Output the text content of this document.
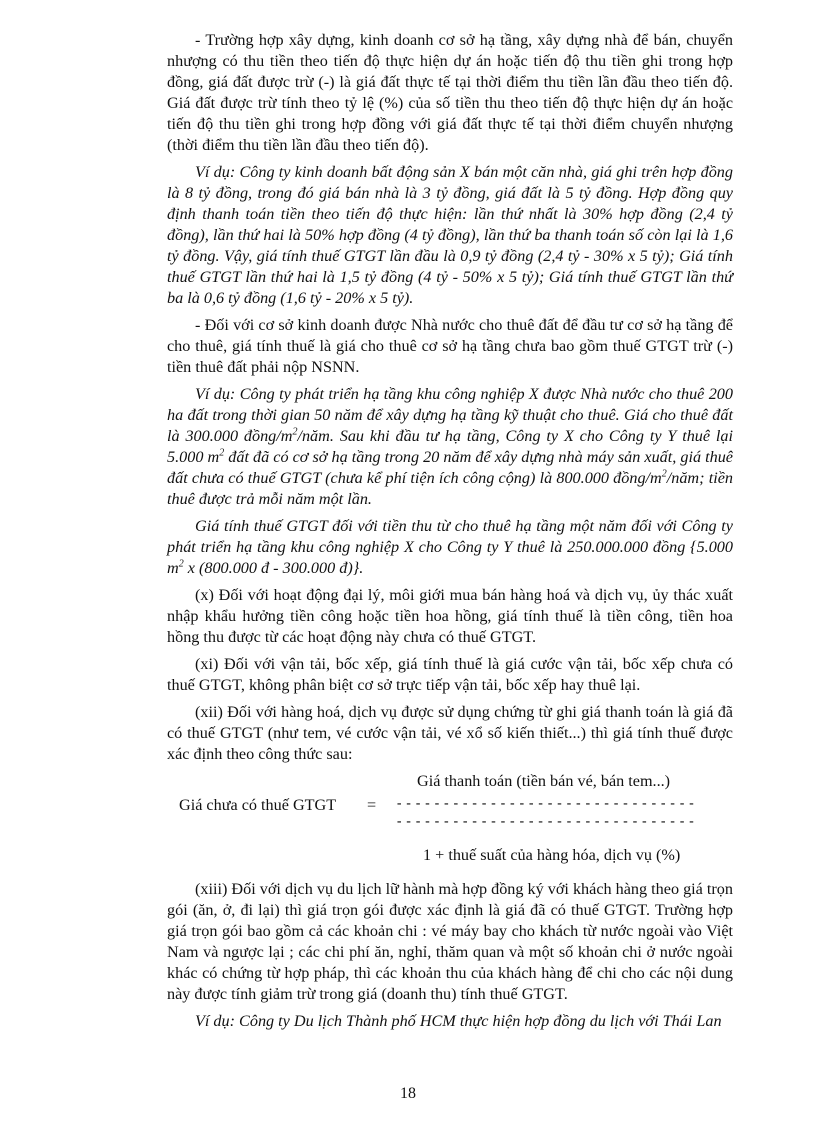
- Trường hợp xây dựng, kinh doanh cơ sở hạ tầng, xây dựng nhà để bán, chuyển nhượng có thu tiền theo tiến độ thực hiện dự án hoặc tiến độ thu tiền ghi trong hợp đồng, giá đất được trừ (-) là giá đất thực tế tại thời điểm thu tiền lần đầu theo tiến độ. Giá đất được trừ tính theo tỷ lệ (%) của số tiền thu theo tiến độ thực hiện dự án hoặc tiến độ thu tiền ghi trong hợp đồng với giá đất thực tế tại thời điểm chuyển nhượng (thời điểm thu tiền lần đầu theo tiến độ).

Ví dụ: Công ty kinh doanh bất động sản X bán một căn nhà, giá ghi trên hợp đồng là 8 tỷ đồng, trong đó giá bán nhà là 3 tỷ đồng, giá đất là 5 tỷ đồng. Hợp đồng quy định thanh toán tiền theo tiến độ thực hiện: lần thứ nhất là 30% hợp đồng (2,4 tỷ đồng), lần thứ hai là 50% hợp đồng (4 tỷ đồng), lần thứ ba thanh toán số còn lại là 1,6 tỷ đồng. Vậy, giá tính thuế GTGT lần đầu là 0,9 tỷ đồng (2,4 tỷ - 30% x 5 tỷ); Giá tính thuế GTGT lần thứ hai là 1,5 tỷ đồng (4 tỷ - 50% x 5 tỷ); Giá tính thuế GTGT lần thứ ba là 0,6 tỷ đồng (1,6 tỷ - 20% x 5 tỷ).

- Đối với cơ sở kinh doanh được Nhà nước cho thuê đất để đầu tư cơ sở hạ tầng để cho thuê, giá tính thuế là giá cho thuê cơ sở hạ tầng chưa bao gồm thuế GTGT trừ (-) tiền thuê đất phải nộp NSNN.

Ví dụ: Công ty phát triển hạ tầng khu công nghiệp X được Nhà nước cho thuê 200 ha đất trong thời gian 50 năm để xây dựng hạ tầng kỹ thuật cho thuê. Giá cho thuê đất là 300.000 đồng/$m^2$/năm. Sau khi đầu tư hạ tầng, Công ty X cho Công ty Y thuê lại 5.000 $m^2$ đất đã có cơ sở hạ tầng trong 20 năm để xây dựng nhà máy sản xuất, giá thuê đất chưa có thuế GTGT (chưa kể phí tiện ích công cộng) là 800.000 đồng/$m^2$/năm; tiền thuê được trả mỗi năm một lần.

Giá tính thuế GTGT đối với tiền thu từ cho thuê hạ tầng một năm đối với Công ty phát triển hạ tầng khu công nghiệp X cho Công ty Y thuê là 250.000.000 đồng {5.000 $m^2$ x (800.000 đ - 300.000 đ)}.

(x) Đối với hoạt động đại lý, môi giới mua bán hàng hoá và dịch vụ, ủy thác xuất nhập khẩu hưởng tiền công hoặc tiền hoa hồng, giá tính thuế là tiền công, tiền hoa hồng thu được từ các hoạt động này chưa có thuế GTGT.

(xi) Đối với vận tải, bốc xếp, giá tính thuế là giá cước vận tải, bốc xếp chưa có thuế GTGT, không phân biệt cơ sở trực tiếp vận tải, bốc xếp hay thuê lại.

(xii) Đối với hàng hoá, dịch vụ được sử dụng chứng từ ghi giá thanh toán là giá đã có thuế GTGT (như tem, vé cước vận tải, vé xổ số kiến thiết...) thì giá tính thuế được xác định theo công thức sau:

Giá thanh toán (tiền bán vé, bán tem...)
Giá chưa có thuế GTGT = --------------------------------
--------------------------------
1 + thuế suất của hàng hóa, dịch vụ (%)

(xiii) Đối với dịch vụ du lịch lữ hành mà hợp đồng ký với khách hàng theo giá trọn gói (ăn, ở, đi lại) thì giá trọn gói được xác định là giá đã có thuế GTGT. Trường hợp giá trọn gói bao gồm cả các khoản chi : vé máy bay cho khách từ nước ngoài vào Việt Nam và ngược lại ; các chi phí ăn, nghỉ, thăm quan và một số khoản chi ở nước ngoài khác có chứng từ hợp pháp, thì các khoản thu của khách hàng để chi cho các nội dung này được tính giảm trừ trong giá (doanh thu) tính thuế GTGT.

Ví dụ: Công ty Du lịch Thành phố HCM thực hiện hợp đồng du lịch với Thái Lan

18
